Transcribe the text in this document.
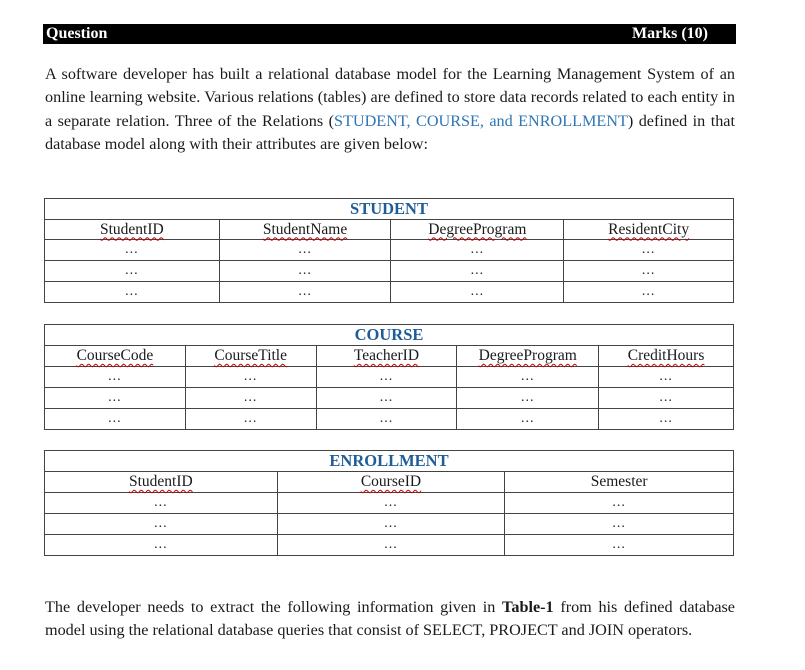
Question	Marks (10)

A software developer has built a relational database model for the Learning Management System of an online learning website. Various relations (tables) are defined to store data records related to each entity in a separate relation. Three of the Relations (STUDENT, COURSE, and ENROLLMENT) defined in that database model along with their attributes are given below:

STUDENT			
StudentID	StudentName	DegreeProgram	ResidentCity
...	...	...	...
...	...	...	...
...	...	...	...
COURSE				
CourseCode	CourseTitle	TeacherID	DegreeProgram	CreditHours
...	...	...	...	...
...	...	...	...	...
...	...	...	...	...
ENROLLMENT		
StudentID	CourseID	Semester
...	...	...
...	...	...
...	...	...

The developer needs to extract the following information given in Table-1 from his defined database model using the relational database queries that consist of SELECT, PROJECT and JOIN operators.
